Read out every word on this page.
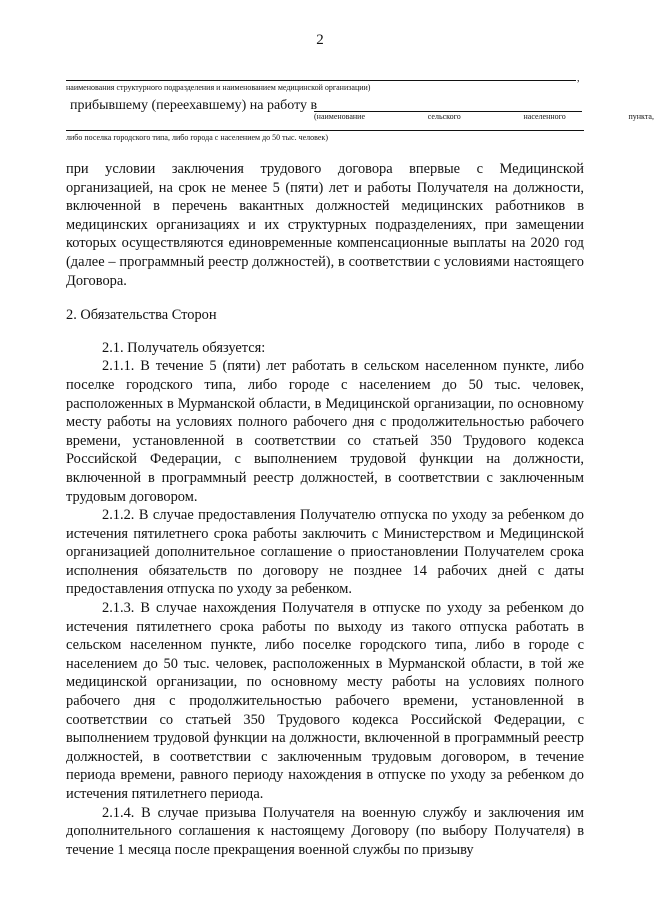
2
,
наименования структурного подразделения и наименованием медицинской организации)
прибывшему (переехавшему) на работу в
(наименование	сельского	населенного	пункта,
либо поселка городского типа, либо города с населением до 50 тыс. человек)

при условии заключения трудового договора впервые с Медицинской организацией, на срок не менее 5 (пяти) лет и работы Получателя на должности, включенной в перечень вакантных должностей медицинских работников в медицинских организациях и их структурных подразделениях, при замещении которых осуществляются единовременные компенсационные выплаты на 2020 год (далее – программный реестр должностей), в соответствии с условиями настоящего Договора.

2. Обязательства Сторон

2.1. Получатель обязуется:

2.1.1. В течение 5 (пяти) лет работать в сельском населенном пункте, либо поселке городского типа, либо городе с населением до 50 тыс. человек, расположенных в Мурманской области, в Медицинской организации, по основному месту работы на условиях полного рабочего дня с продолжительностью рабочего времени, установленной в соответствии со статьей 350 Трудового кодекса Российской Федерации, с выполнением трудовой функции на должности, включенной в программный реестр должностей, в соответствии с заключенным трудовым договором.

2.1.2. В случае предоставления Получателю отпуска по уходу за ребенком до истечения пятилетнего срока работы заключить с Министерством и Медицинской организацией дополнительное соглашение о приостановлении Получателем срока исполнения обязательств по договору не позднее 14 рабочих дней с даты предоставления отпуска по уходу за ребенком.

2.1.3. В случае нахождения Получателя в отпуске по уходу за ребенком до истечения пятилетнего срока работы по выходу из такого отпуска работать в сельском населенном пункте, либо поселке городского типа, либо в городе с населением до 50 тыс. человек, расположенных в Мурманской области, в той же медицинской организации, по основному месту работы на условиях полного рабочего дня с продолжительностью рабочего времени, установленной в соответствии со статьей 350 Трудового кодекса Российской Федерации, с выполнением трудовой функции на должности, включенной в программный реестр должностей, в соответствии с заключенным трудовым договором, в течение периода времени, равного периоду нахождения в отпуске по уходу за ребенком до истечения пятилетнего периода.

2.1.4. В случае призыва Получателя на военную службу и заключения им дополнительного соглашения к настоящему Договору (по выбору Получателя) в течение 1 месяца после прекращения военной службы по призыву
